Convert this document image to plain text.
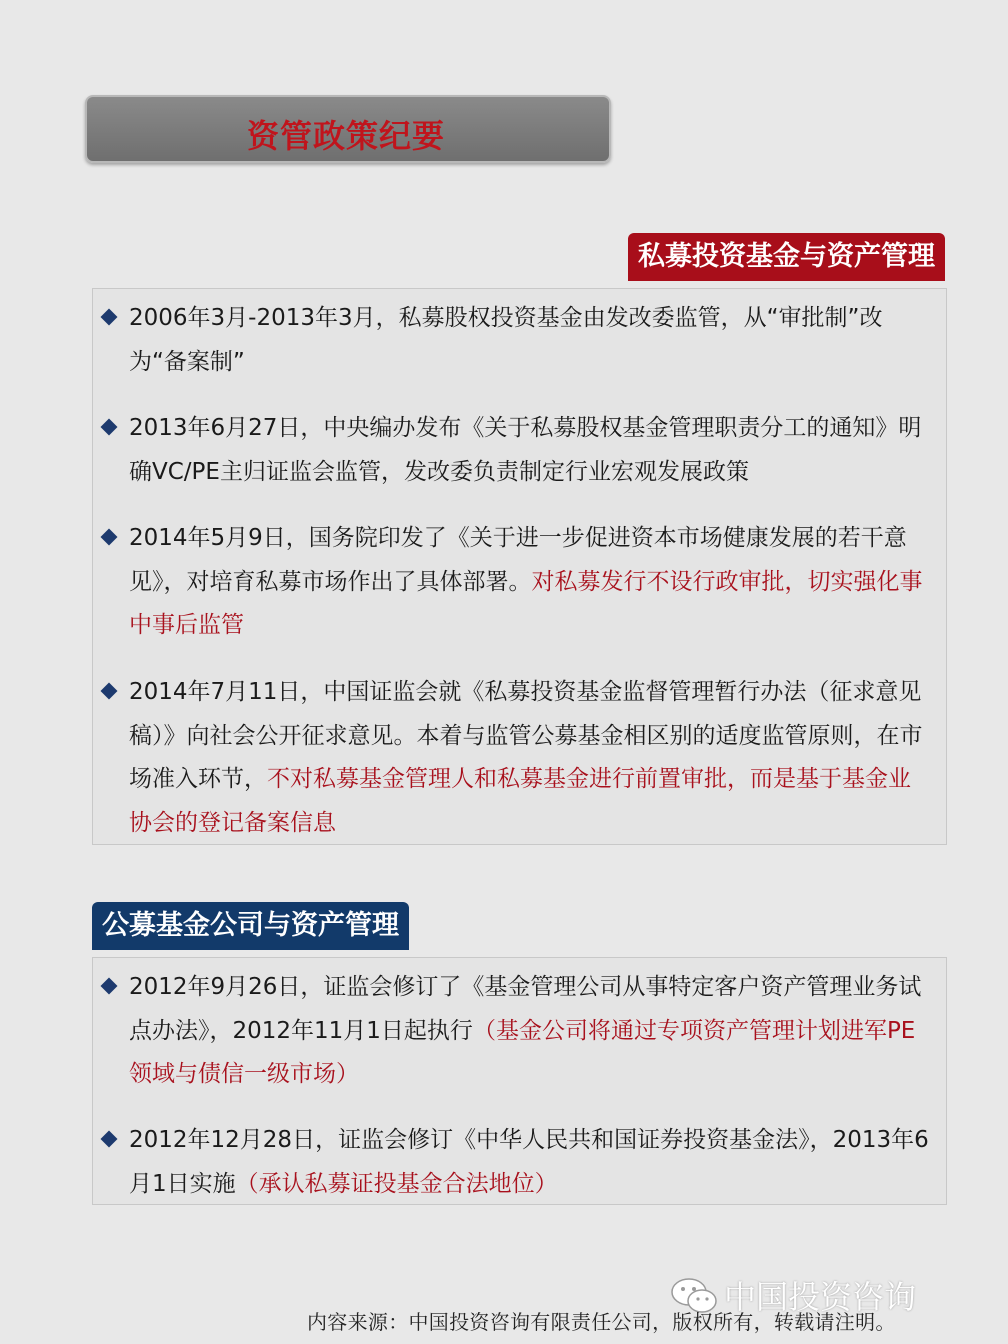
资管政策纪要
私募投资基金与资产管理
2006年3月-2013年3月，私募股权投资基金由发改委监管，从“审批制”改为“备案制”
2013年6月27日，中央编办发布《关于私募股权基金管理职责分工的通知》明确VC/PE主归证监会监管，发改委负责制定行业宏观发展政策
2014年5月9日，国务院印发了《关于进一步促进资本市场健康发展的若干意见》，对培育私募市场作出了具体部署。对私募发行不设行政审批，切实强化事中事后监管
2014年7月11日，中国证监会就《私募投资基金监督管理暂行办法（征求意见稿）》向社会公开征求意见。本着与监管公募基金相区别的适度监管原则，在市场准入环节，不对私募基金管理人和私募基金进行前置审批，而是基于基金业协会的登记备案信息
公募基金公司与资产管理
2012年9月26日，证监会修订了《基金管理公司从事特定客户资产管理业务试点办法》，2012年11月1日起执行（基金公司将通过专项资产管理计划进军PE领域与债信一级市场）
2012年12月28日，证监会修订《中华人民共和国证券投资基金法》，2013年6月1日实施（承认私募证投基金合法地位）
中国投资咨询
内容来源：中国投资咨询有限责任公司，版权所有，转载请注明。
